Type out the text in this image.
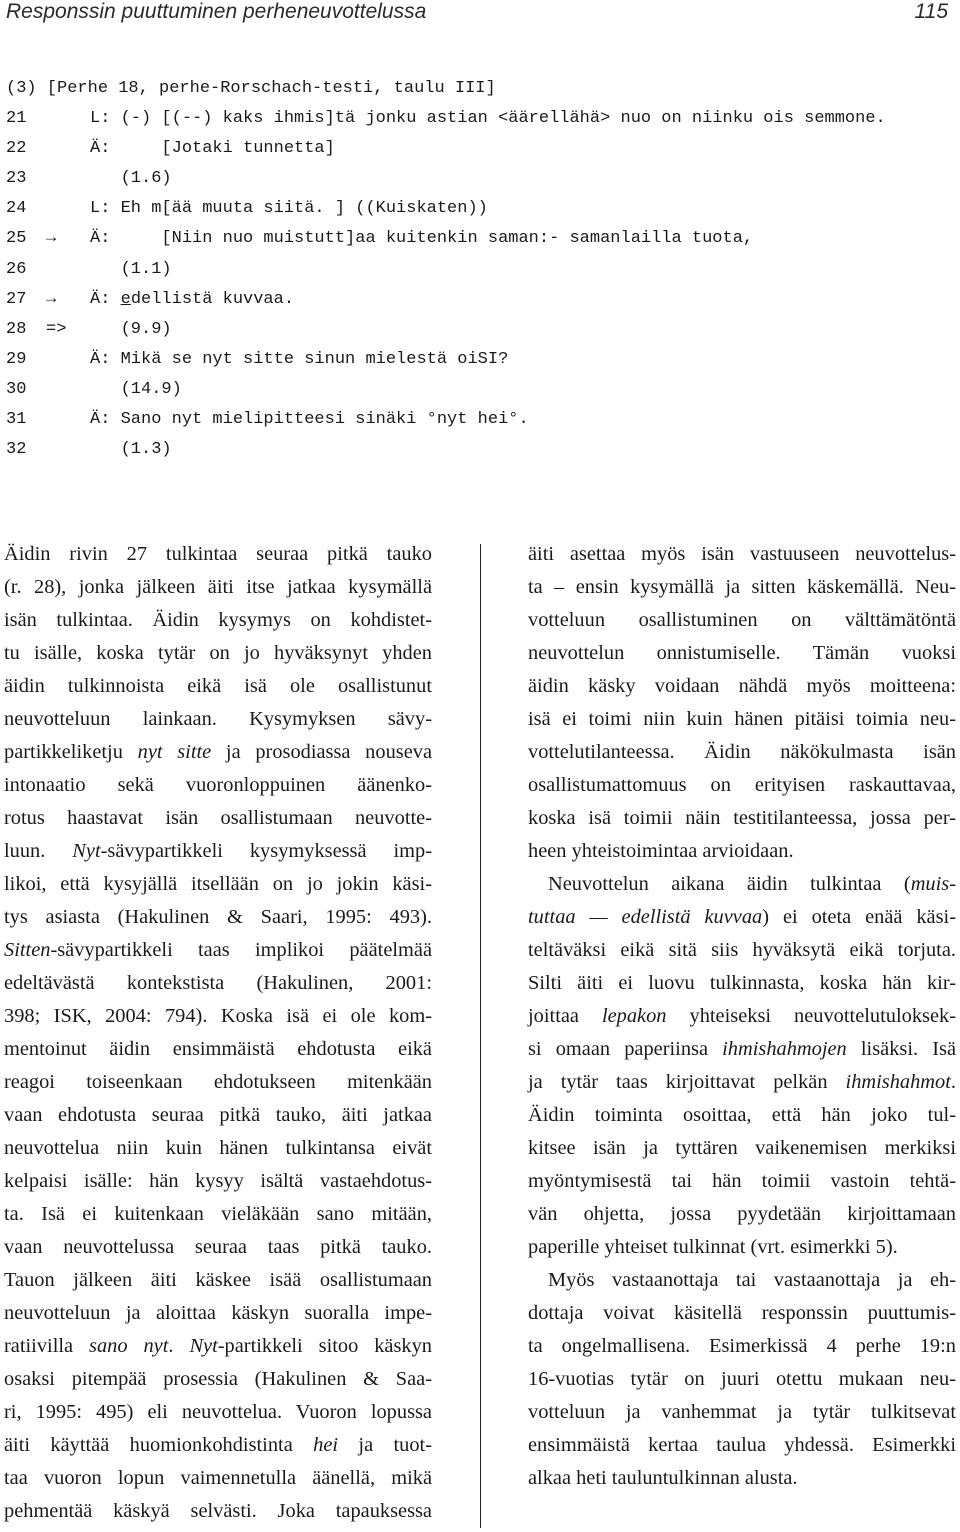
Responssin puuttuminen perheneuvottelussa	115

(3) [Perhe 18, perhe-Rorschach-testi, taulu III]

21	L: (-) [(--) kaks ihmis]tä jonku astian <äärellähä> nuo on niinku ois semmone.
22	Ä:     [Jotaki tunnetta]
23	(1.6)
24	L: Eh m[ää muuta siitä. ] ((Kuiskaten))
25 → Ä:     [Niin nuo muistutt]aa kuitenkin saman:- samanlailla tuota,
26	(1.1)
27 → Ä: edellistä kuvvaa.
28 => (9.9)
29	Ä: Mikä se nyt sitte sinun mielestä oiSI?
30	(14.9)
31	Ä: Sano nyt mielipitteesi sinäki °nyt hei°.
32	(1.3)
Äidin rivin 27 tulkintaa seuraa pitkä tauko
(r. 28), jonka jälkeen äiti itse jatkaa kysymällä
isän tulkintaa. Äidin kysymys on kohdistet-
tu isälle, koska tytär on jo hyväksynyt yhden
äidin tulkinnoista eikä isä ole osallistunut
neuvotteluun lainkaan. Kysymyksen sävy-
partikkeliketju nyt sitte ja prosodiassa nouseva
intonaatio sekä vuoronloppuinen äänenko-
rotus haastavat isän osallistumaan neuvotte-
luun. Nyt-sävypartikkeli kysymyksessä imp-
likoi, että kysyjällä itsellään on jo jokin käsi-
tys asiasta (Hakulinen & Saari, 1995: 493).
Sitten-sävypartikkeli taas implikoi päätelmää
edeltävästä kontekstista (Hakulinen, 2001:
398; ISK, 2004: 794). Koska isä ei ole kom-
mentoinut äidin ensimmäistä ehdotusta eikä
reagoi toiseenkaan ehdotukseen mitenkään
vaan ehdotusta seuraa pitkä tauko, äiti jatkaa
neuvottelua niin kuin hänen tulkintansa eivät
kelpaisi isälle: hän kysyy isältä vastaehdotus-
ta. Isä ei kuitenkaan vieläkään sano mitään,
vaan neuvottelussa seuraa taas pitkä tauko.
Tauon jälkeen äiti käskee isää osallistumaan
neuvotteluun ja aloittaa käskyn suoralla impe-
ratiivilla sano nyt. Nyt-partikkeli sitoo käskyn
osaksi pitempää prosessia (Hakulinen & Saa-
ri, 1995: 495) eli neuvottelua. Vuoron lopussa
äiti käyttää huomionkohdistinta hei ja tuot-
taa vuoron lopun vaimennetulla äänellä, mikä
pehmentää käskyä selvästi. Joka tapauksessa
äiti asettaa myös isän vastuuseen neuvottelus-
ta – ensin kysymällä ja sitten käskemällä. Neu-
votteluun osallistuminen on välttämätöntä
neuvottelun onnistumiselle. Tämän vuoksi
äidin käsky voidaan nähdä myös moitteena:
isä ei toimi niin kuin hänen pitäisi toimia neu-
vottelutilanteessa. Äidin näkökulmasta isän
osallistumattomuus on erityisen raskauttavaa,
koska isä toimii näin testitilanteessa, jossa per-
heen yhteistoimintaa arvioidaan.
Neuvottelun aikana äidin tulkintaa (muis-
tuttaa — edellistä kuvvaa) ei oteta enää käsi-
teltäväksi eikä sitä siis hyväksytä eikä torjuta.
Silti äiti ei luovu tulkinnasta, koska hän kir-
joittaa lepakon yhteiseksi neuvottelutuloksek-
si omaan paperiinsa ihmishahmojen lisäksi. Isä
ja tytär taas kirjoittavat pelkän ihmishahmot.
Äidin toiminta osoittaa, että hän joko tul-
kitsee isän ja tyttären vaikenemisen merkiksi
myöntymisestä tai hän toimii vastoin tehtä-
vän ohjetta, jossa pyydetään kirjoittamaan
paperille yhteiset tulkinnat (vrt. esimerkki 5).
Myös vastaanottaja tai vastaanottaja ja eh-
dottaja voivat käsitellä responssin puuttumis-
ta ongelmallisena. Esimerkissä 4 perhe 19:n
16-vuotias tytär on juuri otettu mukaan neu-
votteluun ja vanhemmat ja tytär tulkitsevat
ensimmäistä kertaa taulua yhdessä. Esimerkki
alkaa heti tauluntulkinnan alusta.
